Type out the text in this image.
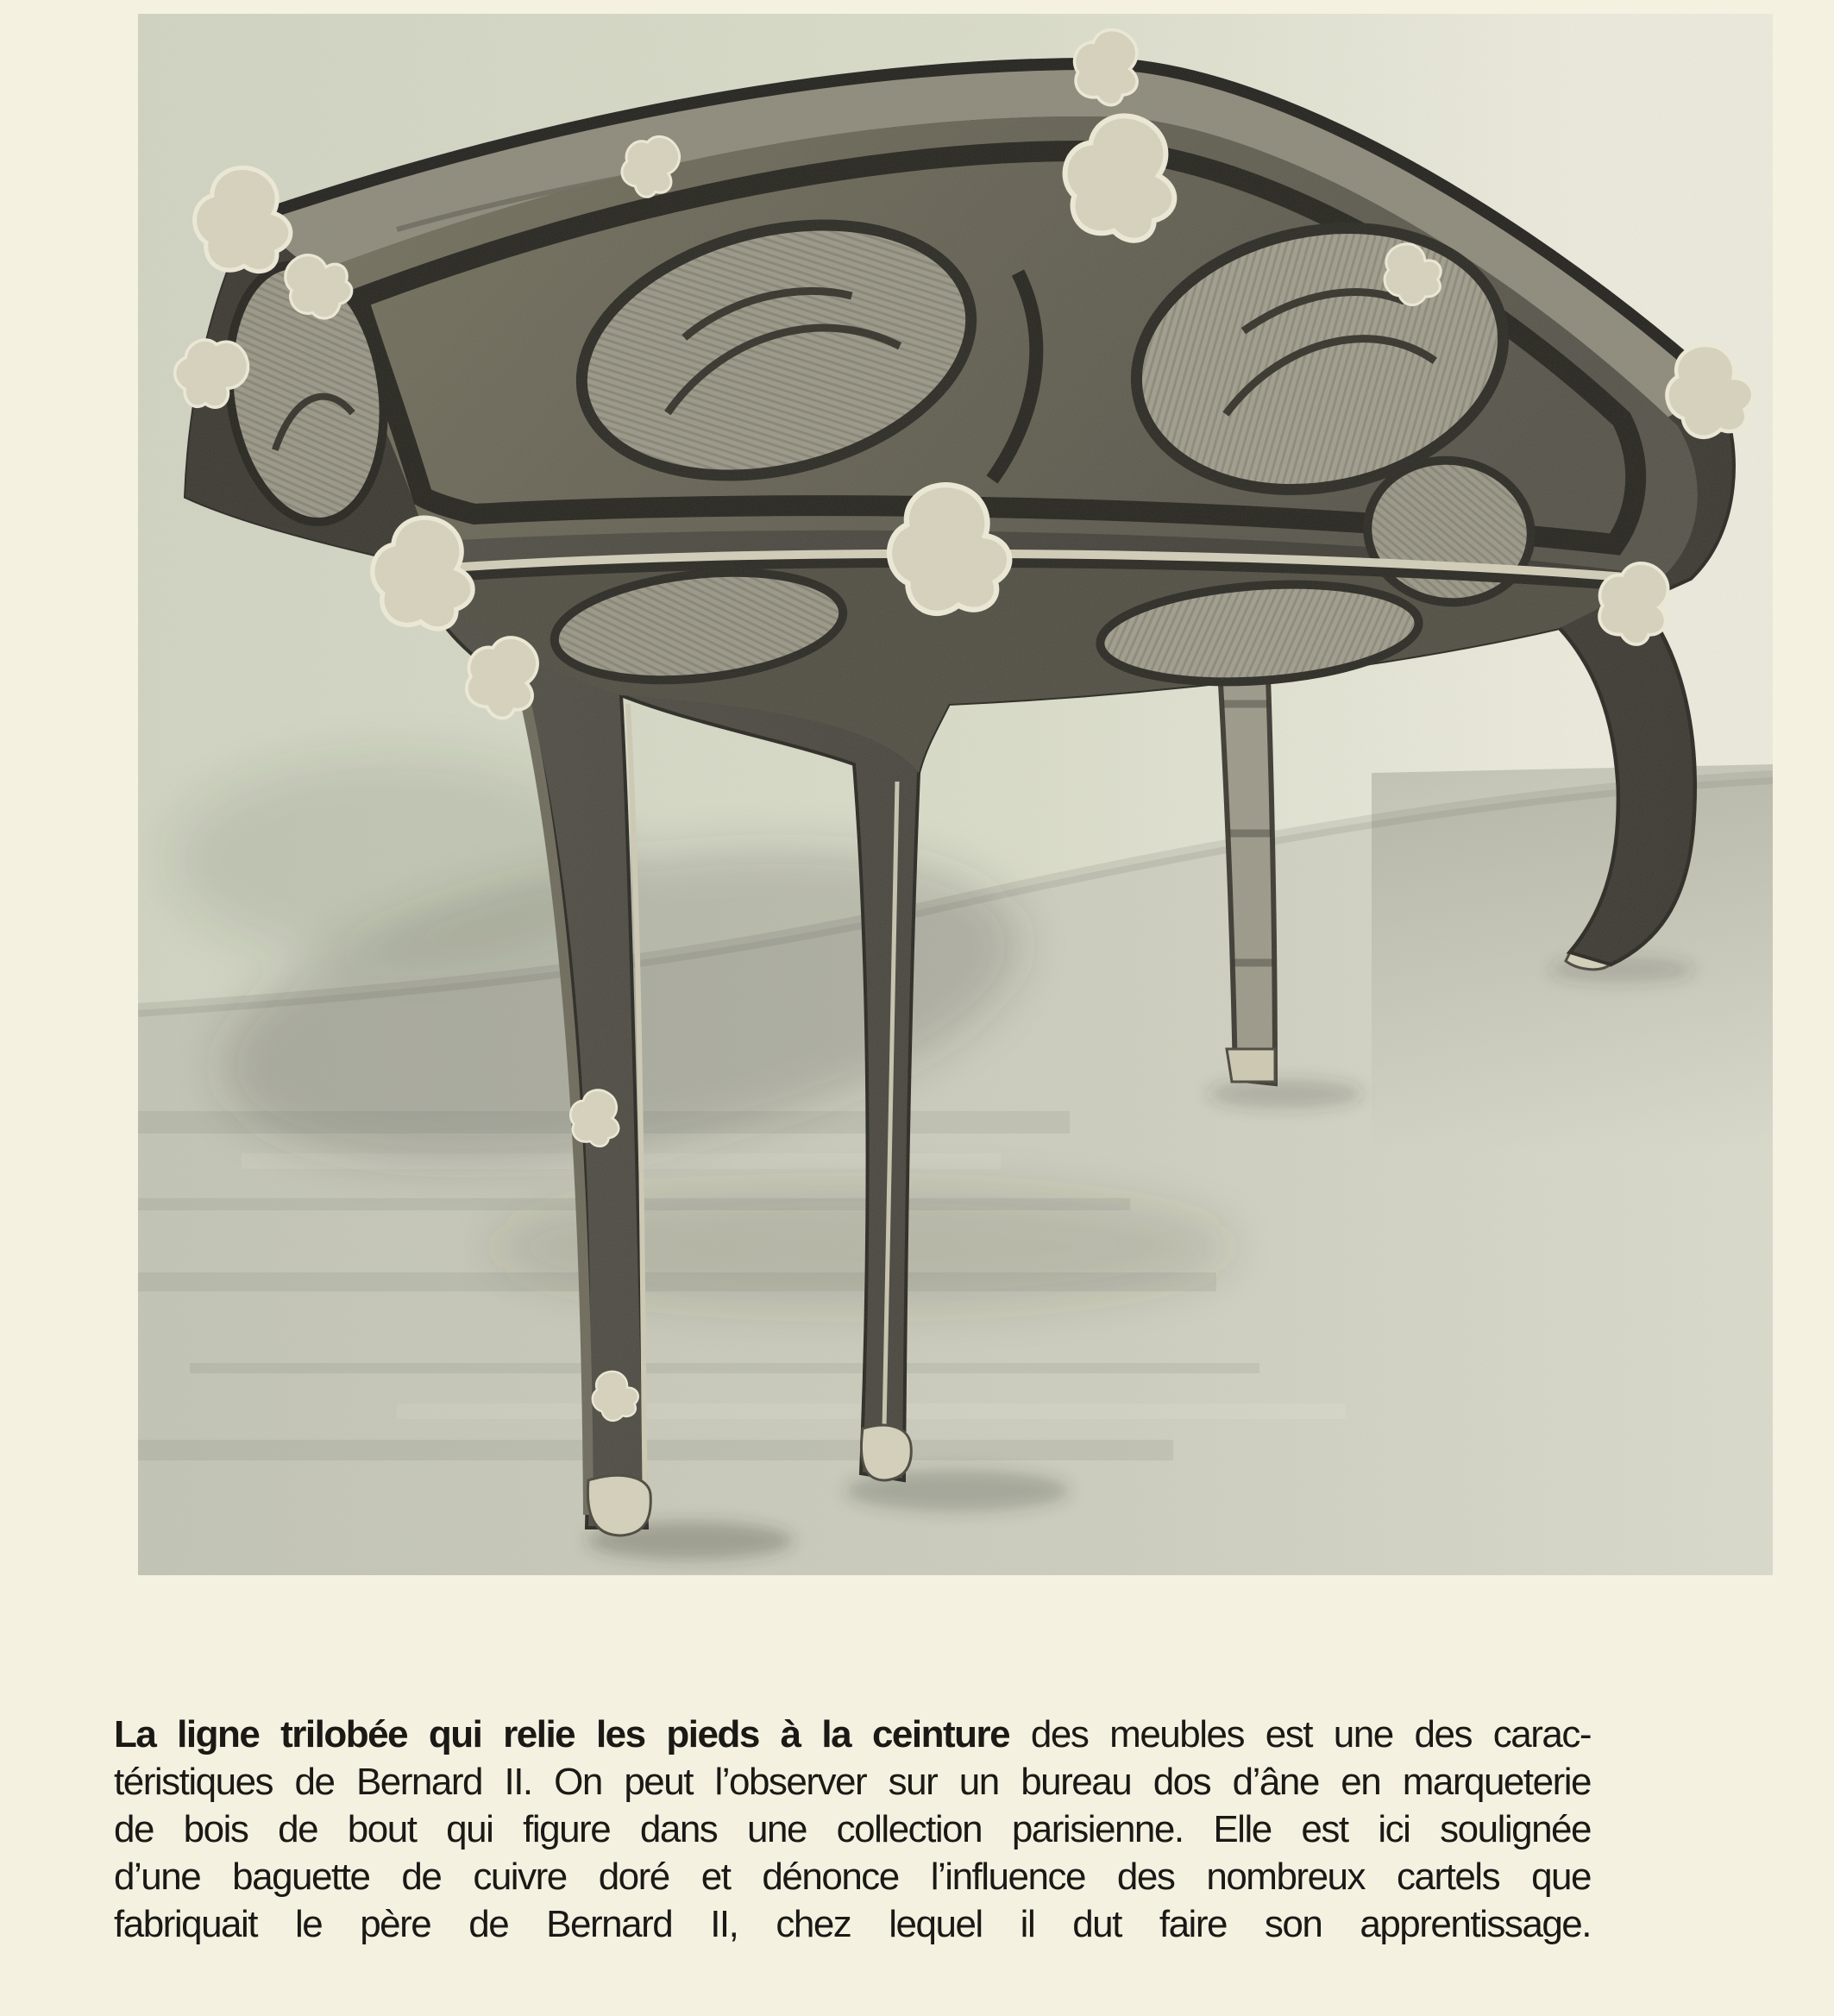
La ligne trilobée qui relie les pieds à la ceinture des meubles est une des carac-
téristiques de Bernard II. On peut l’observer sur un bureau dos d’âne en marqueterie
de bois de bout qui figure dans une collection parisienne. Elle est ici soulignée
d’une baguette de cuivre doré et dénonce l’influence des nombreux cartels que
fabriquait le père de Bernard II, chez lequel il dut faire son apprentissage.
